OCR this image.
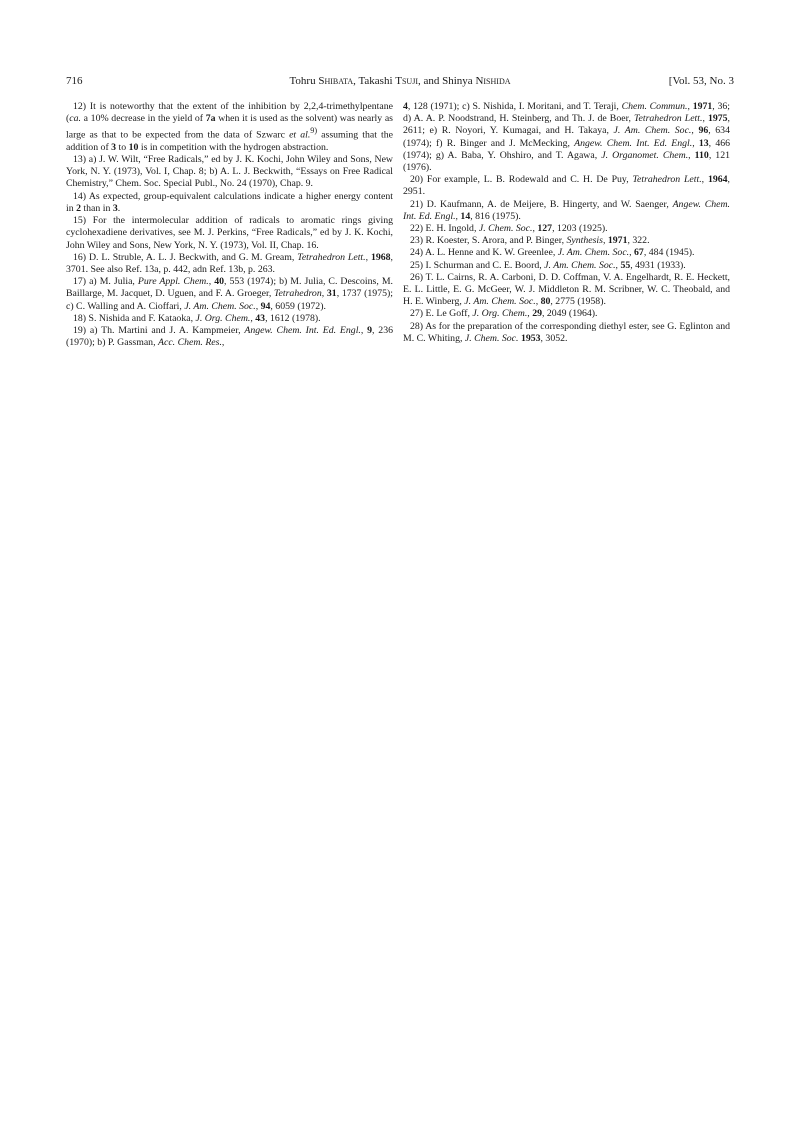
716	Tohru Shibata, Takashi Tsuji, and Shinya Nishida	[Vol. 53, No. 3

12) It is noteworthy that the extent of the inhibition by 2,2,4-trimethylpentane (ca. a 10% decrease in the yield of 7a when it is used as the solvent) was nearly as large as that to be expected from the data of Szwarc et al.$^{9)}$ assuming that the addition of 3 to 10 is in competition with the hydrogen abstraction.

13) a) J. W. Wilt, “Free Radicals,” ed by J. K. Kochi, John Wiley and Sons, New York, N. Y. (1973), Vol. I, Chap. 8; b) A. L. J. Beckwith, “Essays on Free Radical Chemistry,” Chem. Soc. Special Publ., No. 24 (1970), Chap. 9.

14) As expected, group-equivalent calculations indicate a higher energy content in 2 than in 3.

15) For the intermolecular addition of radicals to aromatic rings giving cyclohexadiene derivatives, see M. J. Perkins, “Free Radicals,” ed by J. K. Kochi, John Wiley and Sons, New York, N. Y. (1973), Vol. II, Chap. 16.

16) D. L. Struble, A. L. J. Beckwith, and G. M. Gream, Tetrahedron Lett., 1968, 3701. See also Ref. 13a, p. 442, adn Ref. 13b, p. 263.

17) a) M. Julia, Pure Appl. Chem., 40, 553 (1974); b) M. Julia, C. Descoins, M. Baillarge, M. Jacquet, D. Uguen, and F. A. Groeger, Tetrahedron, 31, 1737 (1975); c) C. Walling and A. Cioffari, J. Am. Chem. Soc., 94, 6059 (1972).

18) S. Nishida and F. Kataoka, J. Org. Chem., 43, 1612 (1978).

19) a) Th. Martini and J. A. Kampmeier, Angew. Chem. Int. Ed. Engl., 9, 236 (1970); b) P. Gassman, Acc. Chem. Res.,

4, 128 (1971); c) S. Nishida, I. Moritani, and T. Teraji, Chem. Commun., 1971, 36; d) A. A. P. Noodstrand, H. Steinberg, and Th. J. de Boer, Tetrahedron Lett., 1975, 2611; e) R. Noyori, Y. Kumagai, and H. Takaya, J. Am. Chem. Soc., 96, 634 (1974); f) R. Binger and J. McMecking, Angew. Chem. Int. Ed. Engl., 13, 466 (1974); g) A. Baba, Y. Ohshiro, and T. Agawa, J. Organomet. Chem., 110, 121 (1976).

20) For example, L. B. Rodewald and C. H. De Puy, Tetrahedron Lett., 1964, 2951.

21) D. Kaufmann, A. de Meijere, B. Hingerty, and W. Saenger, Angew. Chem. Int. Ed. Engl., 14, 816 (1975).

22) E. H. Ingold, J. Chem. Soc., 127, 1203 (1925).

23) R. Koester, S. Arora, and P. Binger, Synthesis, 1971, 322.

24) A. L. Henne and K. W. Greenlee, J. Am. Chem. Soc., 67, 484 (1945).

25) I. Schurman and C. E. Boord, J. Am. Chem. Soc., 55, 4931 (1933).

26) T. L. Cairns, R. A. Carboni, D. D. Coffman, V. A. Engelhardt, R. E. Heckett, E. L. Little, E. G. McGeer, W. J. Middleton R. M. Scribner, W. C. Theobald, and H. E. Winberg, J. Am. Chem. Soc., 80, 2775 (1958).

27) E. Le Goff, J. Org. Chem., 29, 2049 (1964).

28) As for the preparation of the corresponding diethyl ester, see G. Eglinton and M. C. Whiting, J. Chem. Soc. 1953, 3052.
